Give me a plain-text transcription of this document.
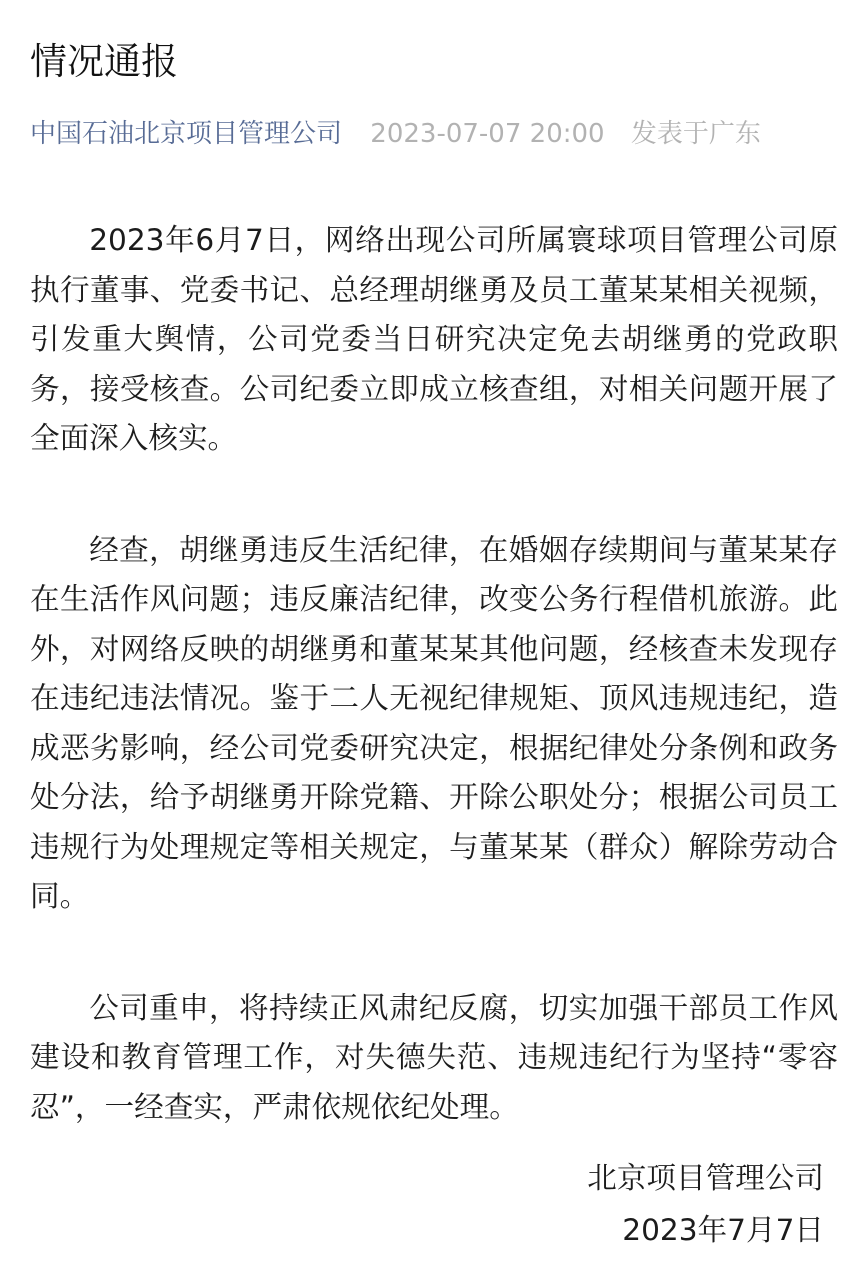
情况通报
中国石油北京项目管理公司 2023-07-07 20:00 发表于广东

2023年6月7日，网络出现公司所属寰球项目管理公司原执行董事、党委书记、总经理胡继勇及员工董某某相关视频，引发重大舆情，公司党委当日研究决定免去胡继勇的党政职务，接受核查。公司纪委立即成立核查组，对相关问题开展了全面深入核实。

经查，胡继勇违反生活纪律，在婚姻存续期间与董某某存在生活作风问题；违反廉洁纪律，改变公务行程借机旅游。此外，对网络反映的胡继勇和董某某其他问题，经核查未发现存在违纪违法情况。鉴于二人无视纪律规矩、顶风违规违纪，造成恶劣影响，经公司党委研究决定，根据纪律处分条例和政务处分法，给予胡继勇开除党籍、开除公职处分；根据公司员工违规行为处理规定等相关规定，与董某某（群众）解除劳动合同。

公司重申，将持续正风肃纪反腐，切实加强干部员工作风建设和教育管理工作，对失德失范、违规违纪行为坚持“零容忍”，一经查实，严肃依规依纪处理。

北京项目管理公司
2023年7月7日
